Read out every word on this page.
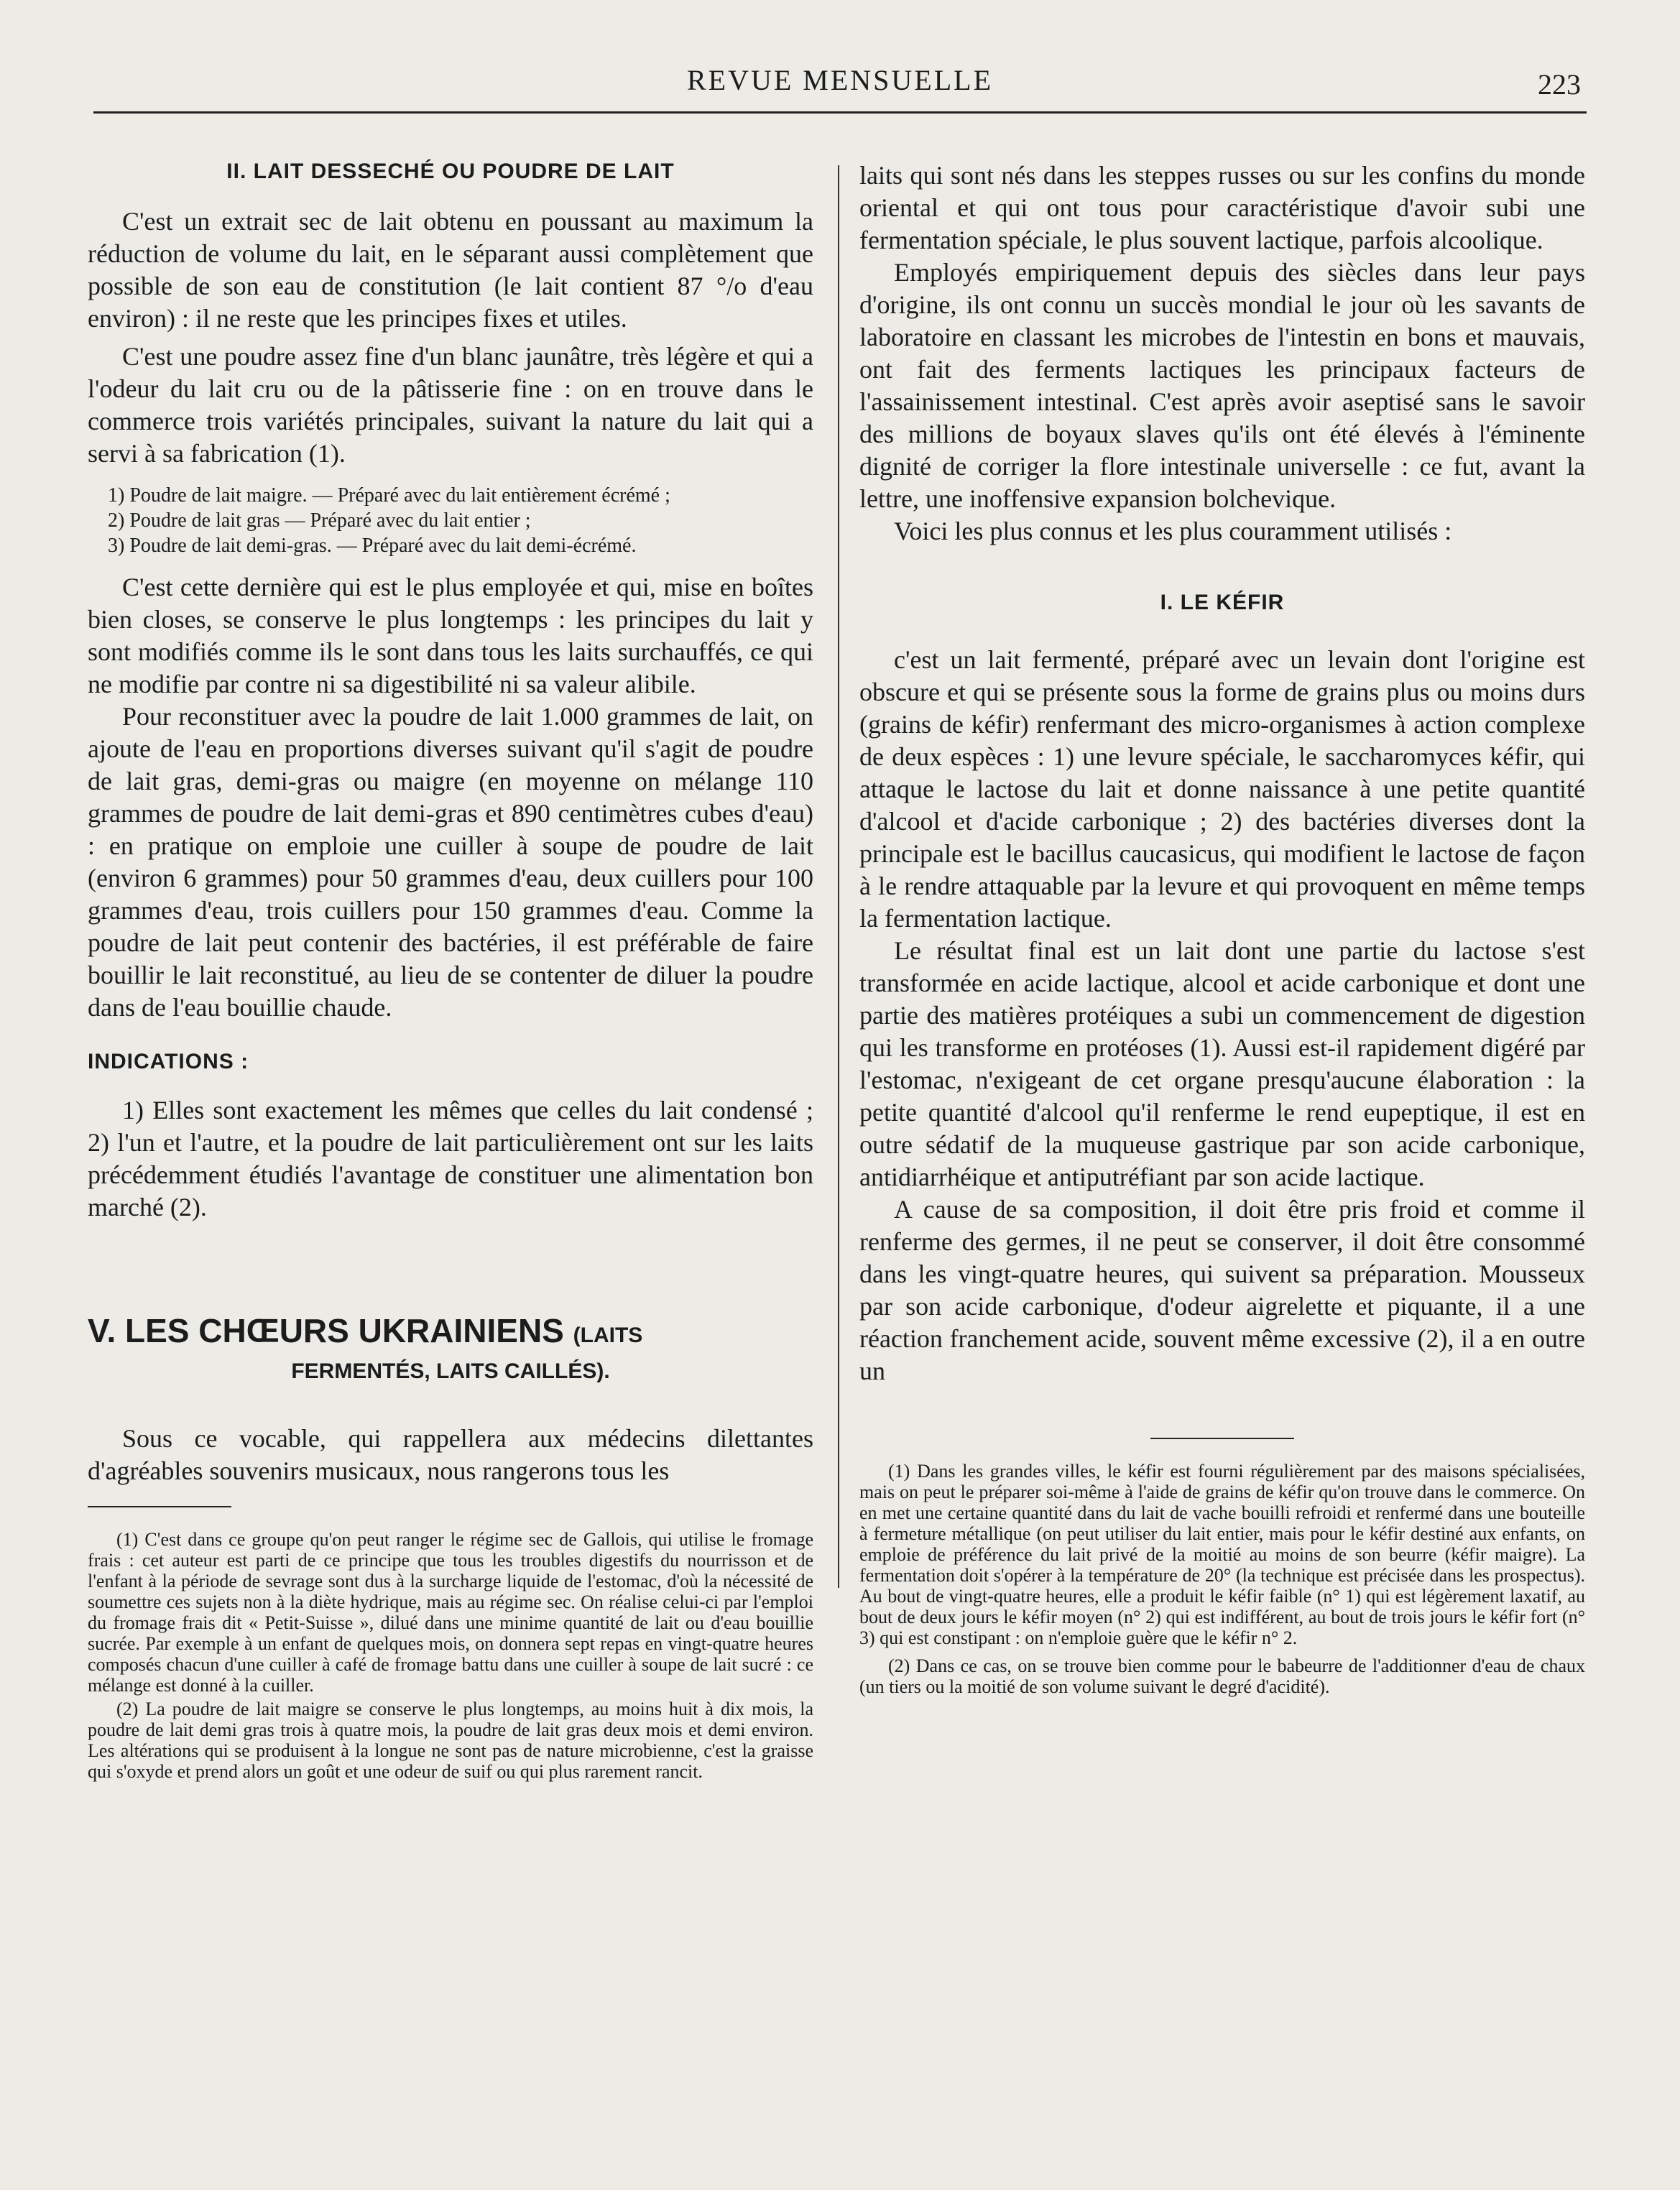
REVUE MENSUELLE	223

II. LAIT DESSECHÉ OU POUDRE DE LAIT

C'est un extrait sec de lait obtenu en poussant au maximum la réduction de volume du lait, en le séparant aussi complètement que possible de son eau de constitution (le lait contient 87 °/o d'eau environ) : il ne reste que les principes fixes et utiles.

C'est une poudre assez fine d'un blanc jaunâtre, très légère et qui a l'odeur du lait cru ou de la pâtisserie fine : on en trouve dans le commerce trois variétés principales, suivant la nature du lait qui a servi à sa fabrication (1).

1) Poudre de lait maigre. — Préparé avec du lait entièrement écrémé ;

2) Poudre de lait gras — Préparé avec du lait entier ;

3) Poudre de lait demi-gras. — Préparé avec du lait demi-écrémé.

C'est cette dernière qui est le plus employée et qui, mise en boîtes bien closes, se conserve le plus longtemps : les principes du lait y sont modifiés comme ils le sont dans tous les laits surchauffés, ce qui ne modifie par contre ni sa digestibilité ni sa valeur alibile.

Pour reconstituer avec la poudre de lait 1.000 grammes de lait, on ajoute de l'eau en proportions diverses suivant qu'il s'agit de poudre de lait gras, demi-gras ou maigre (en moyenne on mélange 110 grammes de poudre de lait demi-gras et 890 centimètres cubes d'eau) : en pratique on emploie une cuiller à soupe de poudre de lait (environ 6 grammes) pour 50 grammes d'eau, deux cuillers pour 100 grammes d'eau, trois cuillers pour 150 grammes d'eau. Comme la poudre de lait peut contenir des bactéries, il est préférable de faire bouillir le lait reconstitué, au lieu de se contenter de diluer la poudre dans de l'eau bouillie chaude.

INDICATIONS :

1) Elles sont exactement les mêmes que celles du lait condensé ; 2) l'un et l'autre, et la poudre de lait particulièrement ont sur les laits précédemment étudiés l'avantage de constituer une alimentation bon marché (2).

V. LES CHŒURS UKRAINIENS (LAITS
FERMENTÉS, LAITS CAILLÉS).

Sous ce vocable, qui rappellera aux médecins dilettantes d'agréables souvenirs musicaux, nous rangerons tous les

(1) C'est dans ce groupe qu'on peut ranger le régime sec de Gallois, qui utilise le fromage frais : cet auteur est parti de ce principe que tous les troubles digestifs du nourrisson et de l'enfant à la période de sevrage sont dus à la surcharge liquide de l'estomac, d'où la nécessité de soumettre ces sujets non à la diète hydrique, mais au régime sec. On réalise celui-ci par l'emploi du fromage frais dit « Petit-Suisse », dilué dans une minime quantité de lait ou d'eau bouillie sucrée. Par exemple à un enfant de quelques mois, on donnera sept repas en vingt-quatre heures composés chacun d'une cuiller à café de fromage battu dans une cuiller à soupe de lait sucré : ce mélange est donné à la cuiller.

(2) La poudre de lait maigre se conserve le plus longtemps, au moins huit à dix mois, la poudre de lait demi gras trois à quatre mois, la poudre de lait gras deux mois et demi environ. Les altérations qui se produisent à la longue ne sont pas de nature microbienne, c'est la graisse qui s'oxyde et prend alors un goût et une odeur de suif ou qui plus rarement rancit.

laits qui sont nés dans les steppes russes ou sur les confins du monde oriental et qui ont tous pour caractéristique d'avoir subi une fermentation spéciale, le plus souvent lactique, parfois alcoolique.

Employés empiriquement depuis des siècles dans leur pays d'origine, ils ont connu un succès mondial le jour où les savants de laboratoire en classant les microbes de l'intestin en bons et mauvais, ont fait des ferments lactiques les principaux facteurs de l'assainissement intestinal. C'est après avoir aseptisé sans le savoir des millions de boyaux slaves qu'ils ont été élevés à l'éminente dignité de corriger la flore intestinale universelle : ce fut, avant la lettre, une inoffensive expansion bolchevique.

Voici les plus connus et les plus couramment utilisés :

I. LE KÉFIR

c'est un lait fermenté, préparé avec un levain dont l'origine est obscure et qui se présente sous la forme de grains plus ou moins durs (grains de kéfir) renfermant des micro-organismes à action complexe de deux espèces : 1) une levure spéciale, le saccharomyces kéfir, qui attaque le lactose du lait et donne naissance à une petite quantité d'alcool et d'acide carbonique ; 2) des bactéries diverses dont la principale est le bacillus caucasicus, qui modifient le lactose de façon à le rendre attaquable par la levure et qui provoquent en même temps la fermentation lactique.

Le résultat final est un lait dont une partie du lactose s'est transformée en acide lactique, alcool et acide carbonique et dont une partie des matières protéiques a subi un commencement de digestion qui les transforme en protéoses (1). Aussi est-il rapidement digéré par l'estomac, n'exigeant de cet organe presqu'aucune élaboration : la petite quantité d'alcool qu'il renferme le rend eupeptique, il est en outre sédatif de la muqueuse gastrique par son acide carbonique, antidiarrhéique et antiputréfiant par son acide lactique.

A cause de sa composition, il doit être pris froid et comme il renferme des germes, il ne peut se conserver, il doit être consommé dans les vingt-quatre heures, qui suivent sa préparation. Mousseux par son acide carbonique, d'odeur aigrelette et piquante, il a une réaction franchement acide, souvent même excessive (2), il a en outre un

(1) Dans les grandes villes, le kéfir est fourni régulièrement par des maisons spécialisées, mais on peut le préparer soi-même à l'aide de grains de kéfir qu'on trouve dans le commerce. On en met une certaine quantité dans du lait de vache bouilli refroidi et renfermé dans une bouteille à fermeture métallique (on peut utiliser du lait entier, mais pour le kéfir destiné aux enfants, on emploie de préférence du lait privé de la moitié au moins de son beurre (kéfir maigre). La fermentation doit s'opérer à la température de 20° (la technique est précisée dans les prospectus). Au bout de vingt-quatre heures, elle a produit le kéfir faible (n° 1) qui est légèrement laxatif, au bout de deux jours le kéfir moyen (n° 2) qui est indifférent, au bout de trois jours le kéfir fort (n° 3) qui est constipant : on n'emploie guère que le kéfir n° 2.

(2) Dans ce cas, on se trouve bien comme pour le babeurre de l'additionner d'eau de chaux (un tiers ou la moitié de son volume suivant le degré d'acidité).
